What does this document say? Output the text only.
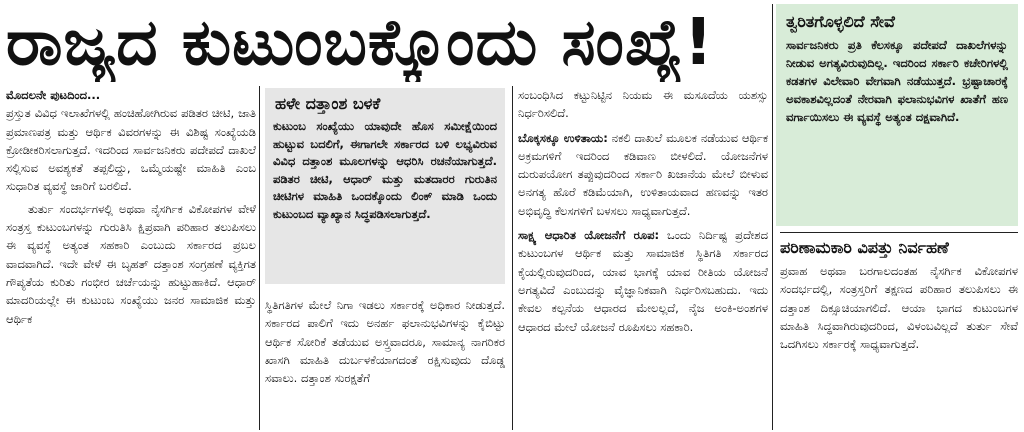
ರಾಜ್ಯದ ಕುಟುಂಬಕ್ಕೊಂದು ಸಂಖ್ಯೆ!

ಮೊದಲನೇ ಪುಟದಿಂದ...

ಪ್ರಸ್ತುತ ವಿವಿಧ ಇಲಾಖೆಗಳಲ್ಲಿ ಹಂಚಿಹೋಗಿರುವ ಪಡಿತರ ಚೀಟಿ, ಜಾತಿ ಪ್ರಮಾಣಪತ್ರ ಮತ್ತು ಆರ್ಥಿಕ ವಿವರಗಳನ್ನು ಈ ವಿಶಿಷ್ಟ ಸಂಖ್ಯೆಯಡಿ ಕ್ರೋಡೀಕರಿಸಲಾಗುತ್ತದೆ. ಇದರಿಂದ ಸಾರ್ವಜನಿಕರು ಪದೇಪದೆ ದಾಖಲೆ ಸಲ್ಲಿಸುವ ಅವಶ್ಯಕತೆ ತಪ್ಪಲಿದ್ದು, ಒಮ್ಮೆಯಷ್ಟೇ ಮಾಹಿತಿ ಎಂಬ ಸುಧಾರಿತ ವ್ಯವಸ್ಥೆ ಜಾರಿಗೆ ಬರಲಿದೆ.

ತುರ್ತು ಸಂದರ್ಭಗಳಲ್ಲಿ ಅಥವಾ ನೈಸರ್ಗಿಕ ವಿಕೋಪಗಳ ವೇಳೆ ಸಂತ್ರಸ್ತ ಕುಟುಂಬಗಳನ್ನು ಗುರುತಿಸಿ ಕ್ಷಿಪ್ರವಾಗಿ ಪರಿಹಾರ ತಲುಪಿಸಲು ಈ ವ್ಯವಸ್ಥೆ ಅತ್ಯಂತ ಸಹಕಾರಿ ಎಂಬುದು ಸರ್ಕಾರದ ಪ್ರಬಲ ವಾದವಾಗಿದೆ. ಇದೇ ವೇಳೆ ಈ ಬೃಹತ್ ದತ್ತಾಂಶ ಸಂಗ್ರಹಣೆ ವ್ಯಕ್ತಿಗತ ಗೌಪ್ಯತೆಯ ಕುರಿತು ಗಂಭೀರ ಚರ್ಚೆಯನ್ನು ಹುಟ್ಟುಹಾಕಿದೆ. ಆಧಾರ್ ಮಾದರಿಯಲ್ಲೇ ಈ ಕುಟುಂಬ ಸಂಖ್ಯೆಯು ಜನರ ಸಾಮಾಜಿಕ ಮತ್ತು ಆರ್ಥಿಕ

ಹಳೇ ದತ್ತಾಂಶ ಬಳಕೆ
ಕುಟುಂಬ ಸಂಖ್ಯೆಯು ಯಾವುದೇ ಹೊಸ ಸಮೀಕ್ಷೆಯಿಂದ ಹುಟ್ಟುವ ಬದಲಿಗೆ, ಈಗಾಗಲೇ ಸರ್ಕಾರದ ಬಳಿ ಲಭ್ಯವಿರುವ ವಿವಿಧ ದತ್ತಾಂಶ ಮೂಲಗಳನ್ನು ಆಧರಿಸಿ ರಚನೆಯಾಗುತ್ತದೆ. ಪಡಿತರ ಚೀಟಿ, ಆಧಾರ್ ಮತ್ತು ಮತದಾರರ ಗುರುತಿನ ಚೀಟಿಗಳ ಮಾಹಿತಿ ಒಂದಕ್ಕೊಂದು ಲಿಂಕ್ ಮಾಡಿ ಒಂದು ಕುಟುಂಬದ ವ್ಯಾಖ್ಯಾನ ಸಿದ್ಧಪಡಿಸಲಾಗುತ್ತದೆ.

ಸ್ಥಿತಿಗತಿಗಳ ಮೇಲೆ ನಿಗಾ ಇಡಲು ಸರ್ಕಾರಕ್ಕೆ ಅಧಿಕಾರ ನೀಡುತ್ತದೆ. ಸರ್ಕಾರದ ಪಾಲಿಗೆ ಇದು ಅನರ್ಹ ಫಲಾನುಭವಿಗಳನ್ನು ಕೈಬಿಟ್ಟು ಆರ್ಥಿಕ ಸೋರಿಕೆ ತಡೆಯುವ ಅಸ್ತ್ರವಾದರೂ, ಸಾಮಾನ್ಯ ನಾಗರಿಕರ ಖಾಸಗಿ ಮಾಹಿತಿ ದುರ್ಬಳಕೆಯಾಗದಂತೆ ರಕ್ಷಿಸುವುದು ದೊಡ್ಡ ಸವಾಲು. ದತ್ತಾಂಶ ಸುರಕ್ಷತೆಗೆ

ಸಂಬಂಧಿಸಿದ ಕಟ್ಟುನಿಟ್ಟಿನ ನಿಯಮ ಈ ಮಸೂದೆಯ ಯಶಸ್ಸು ನಿರ್ಧರಿಸಲಿದೆ.

ಬೊಕ್ಕಸಕ್ಕೂ ಉಳಿತಾಯ: ನಕಲಿ ದಾಖಲೆ ಮೂಲಕ ನಡೆಯುವ ಆರ್ಥಿಕ ಅಕ್ರಮಗಳಿಗೆ ಇದರಿಂದ ಕಡಿವಾಣ ಬೀಳಲಿದೆ. ಯೋಜನೆಗಳ ದುರುಪಯೋಗ ತಪ್ಪುವುದರಿಂದ ಸರ್ಕಾರಿ ಖಜಾನೆಯ ಮೇಲೆ ಬೀಳುವ ಅನಗತ್ಯ ಹೊರೆ ಕಡಿಮೆಯಾಗಿ, ಉಳಿತಾಯವಾದ ಹಣವನ್ನು ಇತರ ಅಭಿವೃದ್ಧಿ ಕೆಲಸಗಳಿಗೆ ಬಳಸಲು ಸಾಧ್ಯವಾಗುತ್ತದೆ.

ಸಾಕ್ಷ್ಯ ಆಧಾರಿತ ಯೋಜನೆಗೆ ರೂಪ: ಒಂದು ನಿರ್ದಿಷ್ಟ ಪ್ರದೇಶದ ಕುಟುಂಬಗಳ ಆರ್ಥಿಕ ಮತ್ತು ಸಾಮಾಜಿಕ ಸ್ಥಿತಿಗತಿ ಸರ್ಕಾರದ ಕೈಯಲ್ಲಿರುವುದರಿಂದ, ಯಾವ ಭಾಗಕ್ಕೆ ಯಾವ ರೀತಿಯ ಯೋಜನೆ ಅಗತ್ಯವಿದೆ ಎಂಬುದನ್ನು ವೈಜ್ಞಾನಿಕವಾಗಿ ನಿರ್ಧರಿಸಬಹುದು. ಇದು ಕೇವಲ ಕಲ್ಪನೆಯ ಆಧಾರದ ಮೇಲಲ್ಲದೆ, ನೈಜ ಅಂಕಿ-ಅಂಶಗಳ ಆಧಾರದ ಮೇಲೆ ಯೋಜನೆ ರೂಪಿಸಲು ಸಹಕಾರಿ.

ತ್ವರಿತಗೊಳ್ಳಲಿದೆ ಸೇವೆ
ಸಾರ್ವಜನಿಕರು ಪ್ರತಿ ಕೆಲಸಕ್ಕೂ ಪದೇಪದೆ ದಾಖಲೆಗಳನ್ನು ನೀಡುವ ಅಗತ್ಯವಿರುವುದಿಲ್ಲ. ಇದರಿಂದ ಸರ್ಕಾರಿ ಕಚೇರಿಗಳಲ್ಲಿ ಕಡತಗಳ ವಿಲೇವಾರಿ ವೇಗವಾಗಿ ನಡೆಯುತ್ತದೆ. ಭ್ರಷ್ಟಾಚಾರಕ್ಕೆ ಅವಕಾಶವಿಲ್ಲದಂತೆ ನೇರವಾಗಿ ಫಲಾನುಭವಿಗಳ ಖಾತೆಗೆ ಹಣ ವರ್ಗಾಯಿಸಲು ಈ ವ್ಯವಸ್ಥೆ ಅತ್ಯಂತ ದಕ್ಷವಾಗಿದೆ.
ಪರಿಣಾಮಕಾರಿ ವಿಪತ್ತು ನಿರ್ವಹಣೆ
ಪ್ರವಾಹ ಅಥವಾ ಬರಗಾಲದಂತಹ ನೈಸರ್ಗಿಕ ವಿಕೋಪಗಳ ಸಂದರ್ಭದಲ್ಲಿ, ಸಂತ್ರಸ್ತರಿಗೆ ತಕ್ಷಣದ ಪರಿಹಾರ ತಲುಪಿಸಲು ಈ ದತ್ತಾಂಶ ದಿಕ್ಸೂಚಿಯಾಗಲಿದೆ. ಆಯಾ ಭಾಗದ ಕುಟುಂಬಗಳ ಮಾಹಿತಿ ಸಿದ್ಧವಾಗಿರುವುದರಿಂದ, ವಿಳಂಬವಿಲ್ಲದೆ ತುರ್ತು ಸೇವೆ ಒದಗಿಸಲು ಸರ್ಕಾರಕ್ಕೆ ಸಾಧ್ಯವಾಗುತ್ತದೆ.
